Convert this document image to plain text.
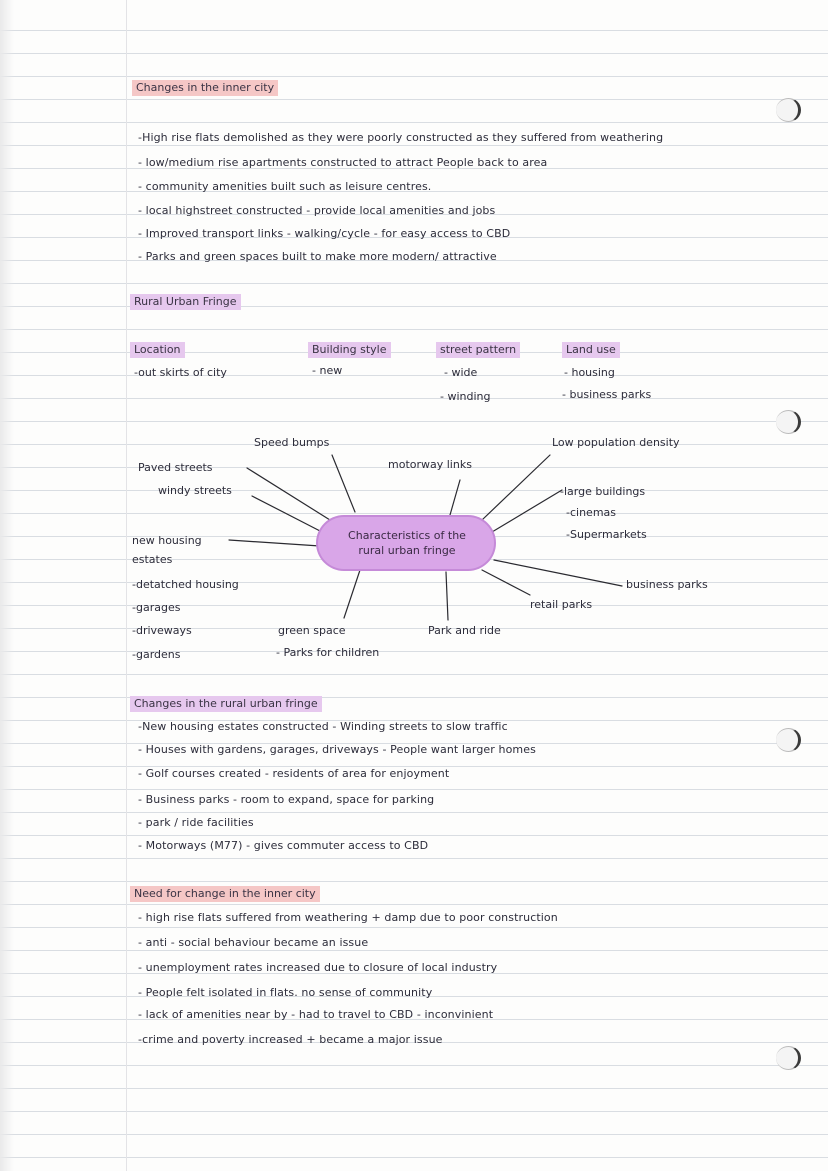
Changes in the inner city
-High rise flats demolished as they were poorly constructed as they suffered from weathering
- low/medium rise apartments constructed to attract People back to area
- community amenities built such as leisure centres.
- local highstreet constructed - provide local amenities and jobs
- Improved transport links - walking/cycle - for easy access to CBD
- Parks and green spaces built to make more modern/ attractive
Rural Urban Fringe
Location
-out skirts of city
Building style
- new
street pattern
- wide
- winding
Land use
- housing
- business parks
Characteristics of the
rural urban fringe
Speed bumps
motorway links
Low population density
Paved streets
windy streets	-large buildings
-cinemas
-Supermarkets
new housing
estates
-detatched housing
-garages
-driveways
-gardens
business parks
retail parks
green space
- Parks for children
Park and ride
Changes in the rural urban fringe
-New housing estates constructed - Winding streets to slow traffic
- Houses with gardens, garages, driveways - People want larger homes
- Golf courses created - residents of area for enjoyment
- Business parks - room to expand, space for parking
- park / ride facilities
- Motorways (M77) - gives commuter access to CBD
Need for change in the inner city
- high rise flats suffered from weathering + damp due to poor construction
- anti - social behaviour became an issue
- unemployment rates increased due to closure of local industry
- People felt isolated in flats. no sense of community
- lack of amenities near by - had to travel to CBD - inconvinient
-crime and poverty increased + became a major issue
